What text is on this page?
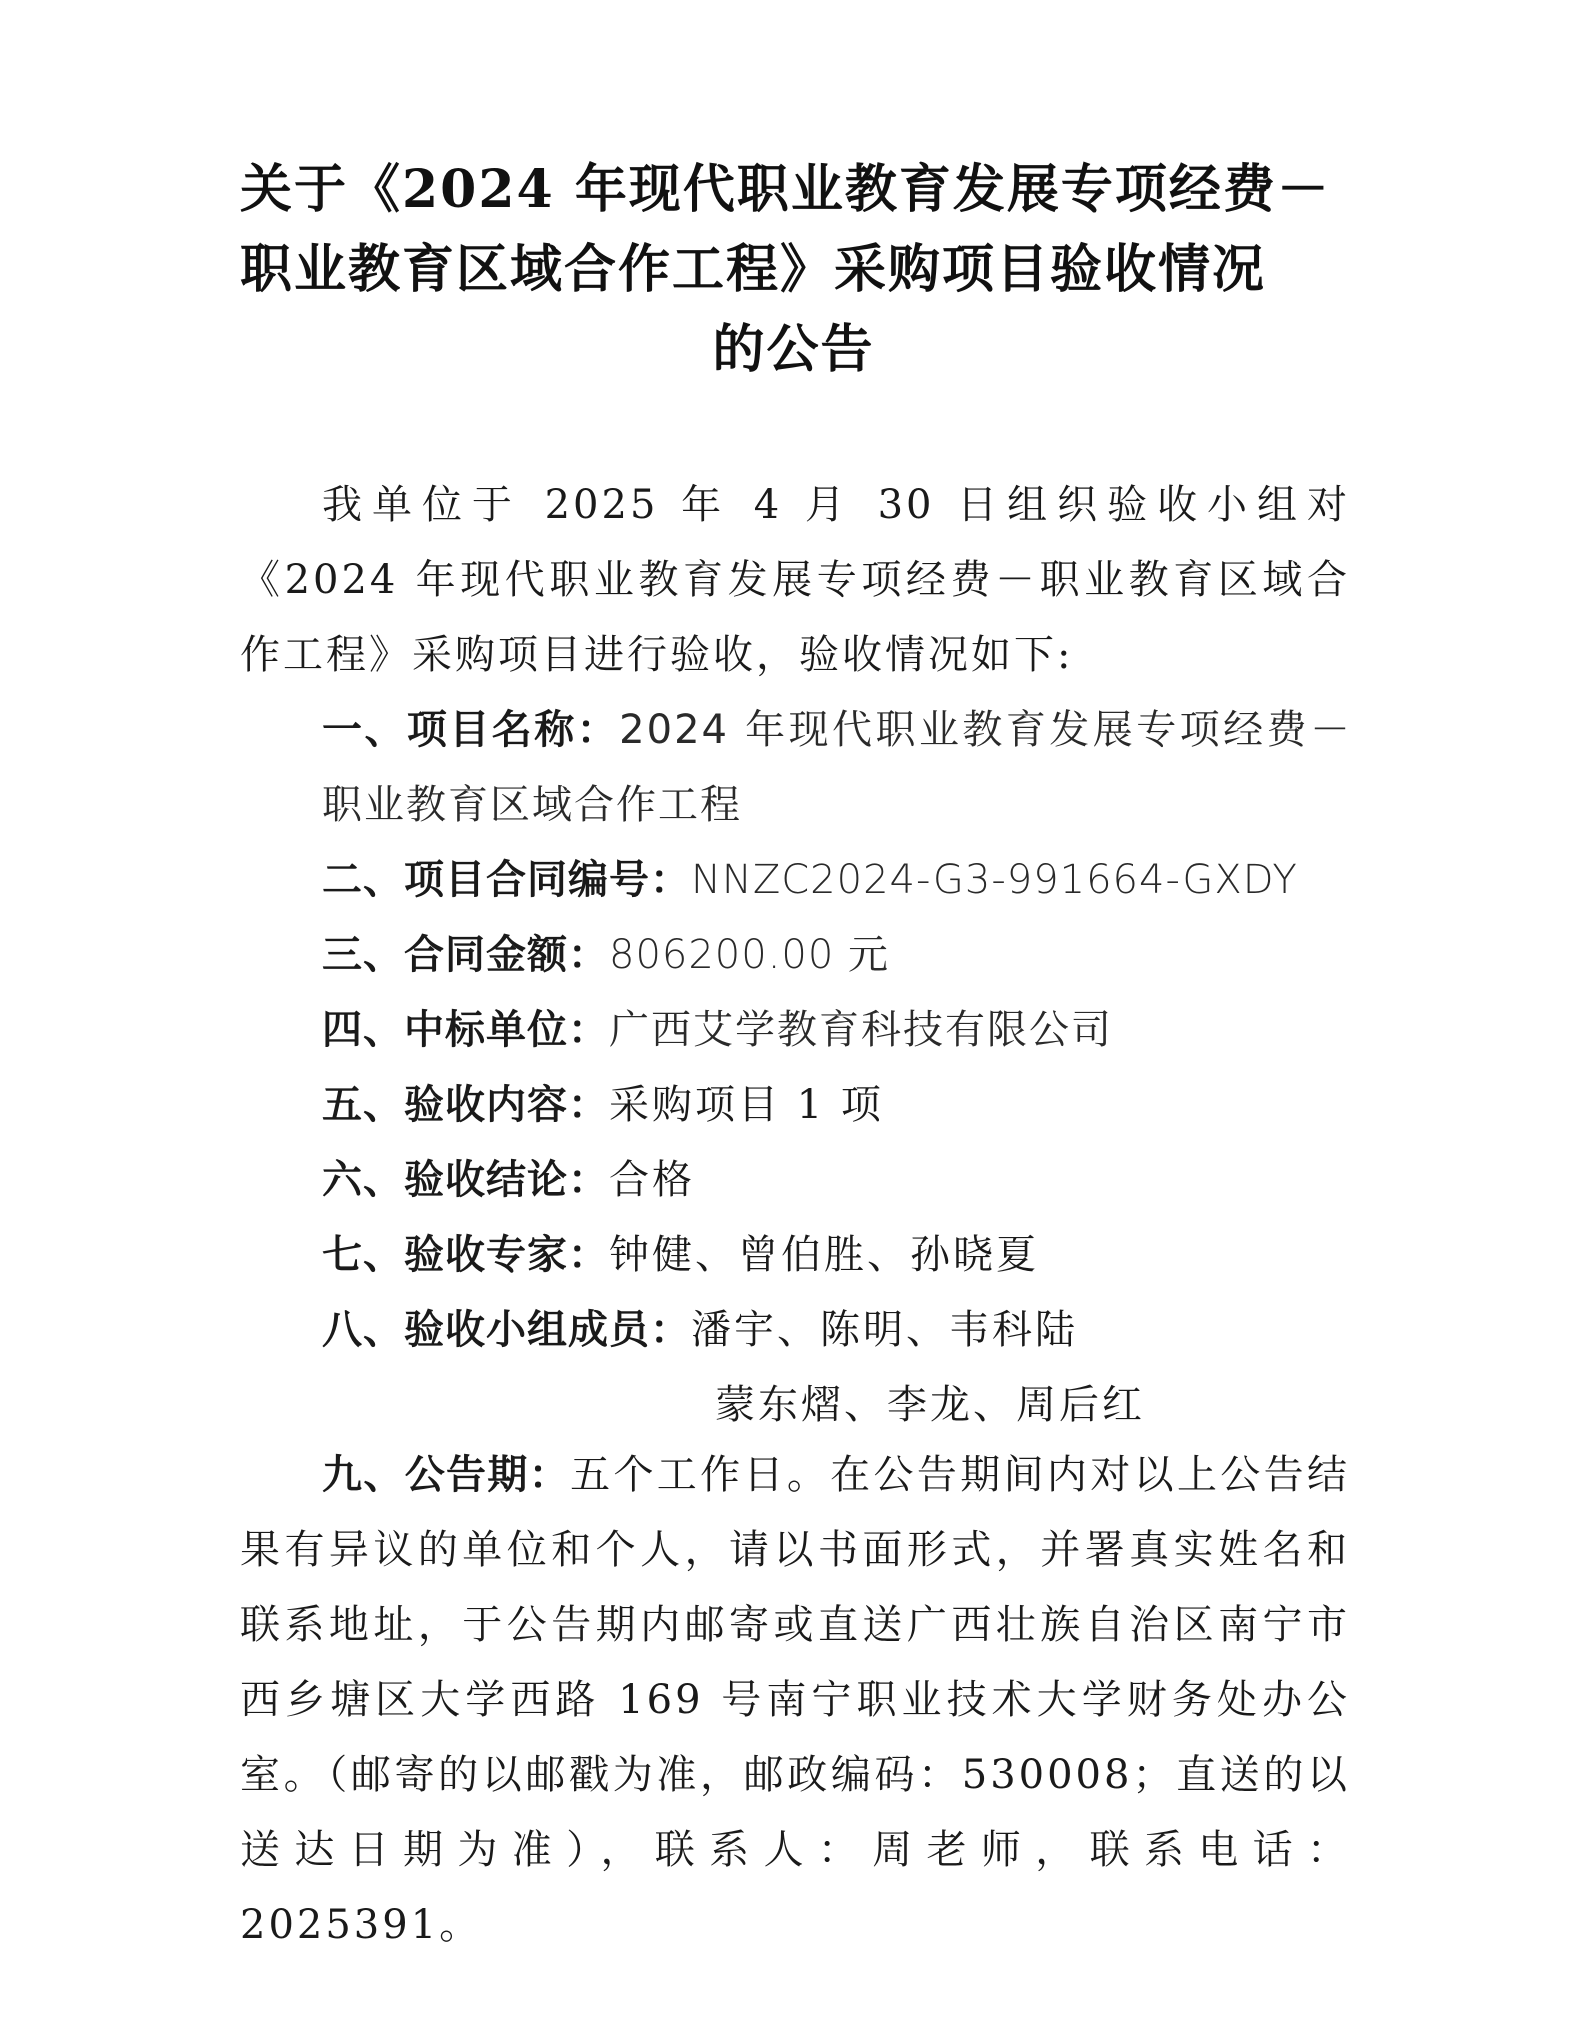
关于《2024 年现代职业教育发展专项经费－
职业教育区域合作工程》采购项目验收情况
的公告

我单位于 2025 年 4 月 30 日组织验收小组对《2024 年现代职业教育发展专项经费－职业教育区域合作工程》采购项目进行验收，验收情况如下:

一、项目名称：2024 年现代职业教育发展专项经费－职业教育区域合作工程

二、项目合同编号：NNZC2024-G3-991664-GXDY

三、合同金额：806200.00 元

四、中标单位：广西艾学教育科技有限公司

五、验收内容：采购项目 1 项

六、验收结论：合格

七、验收专家：钟健、曾伯胜、孙晓夏

八、验收小组成员：潘宇、陈明、韦科陆

蒙东熠、李龙、周后红

九、公告期：五个工作日。在公告期间内对以上公告结果有异议的单位和个人，请以书面形式，并署真实姓名和联系地址，于公告期内邮寄或直送广西壮族自治区南宁市西乡塘区大学西路 169 号南宁职业技术大学财务处办公室。（邮寄的以邮戳为准，邮政编码：530008；直送的以送达日期为准），联系人：周老师，联系电话：2025391。
